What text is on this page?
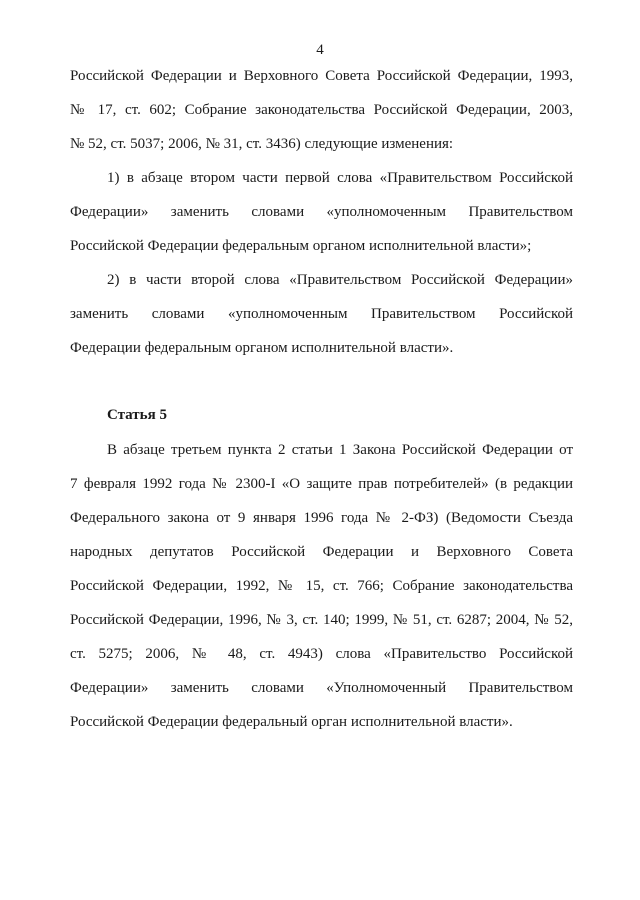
4
Российской Федерации и Верховного Совета Российской Федерации, 1993,
№ 17, ст. 602; Собрание законодательства Российской Федерации, 2003,
№ 52, ст. 5037; 2006, № 31, ст. 3436) следующие изменения:
1) в абзаце втором части первой слова «Правительством Российской
Федерации» заменить словами «уполномоченным Правительством
Российской Федерации федеральным органом исполнительной власти»;
2) в части второй слова «Правительством Российской Федерации»
заменить словами «уполномоченным Правительством Российской
Федерации федеральным органом исполнительной власти».
Статья 5
В абзаце третьем пункта 2 статьи 1 Закона Российской Федерации от
7 февраля 1992 года № 2300-I «О защите прав потребителей» (в редакции
Федерального закона от 9 января 1996 года № 2-ФЗ) (Ведомости Съезда
народных депутатов Российской Федерации и Верховного Совета
Российской Федерации, 1992, № 15, ст. 766; Собрание законодательства
Российской Федерации, 1996, № 3, ст. 140; 1999, № 51, ст. 6287; 2004, № 52,
ст. 5275; 2006, № 48, ст. 4943) слова «Правительство Российской
Федерации» заменить словами «Уполномоченный Правительством
Российской Федерации федеральный орган исполнительной власти».
